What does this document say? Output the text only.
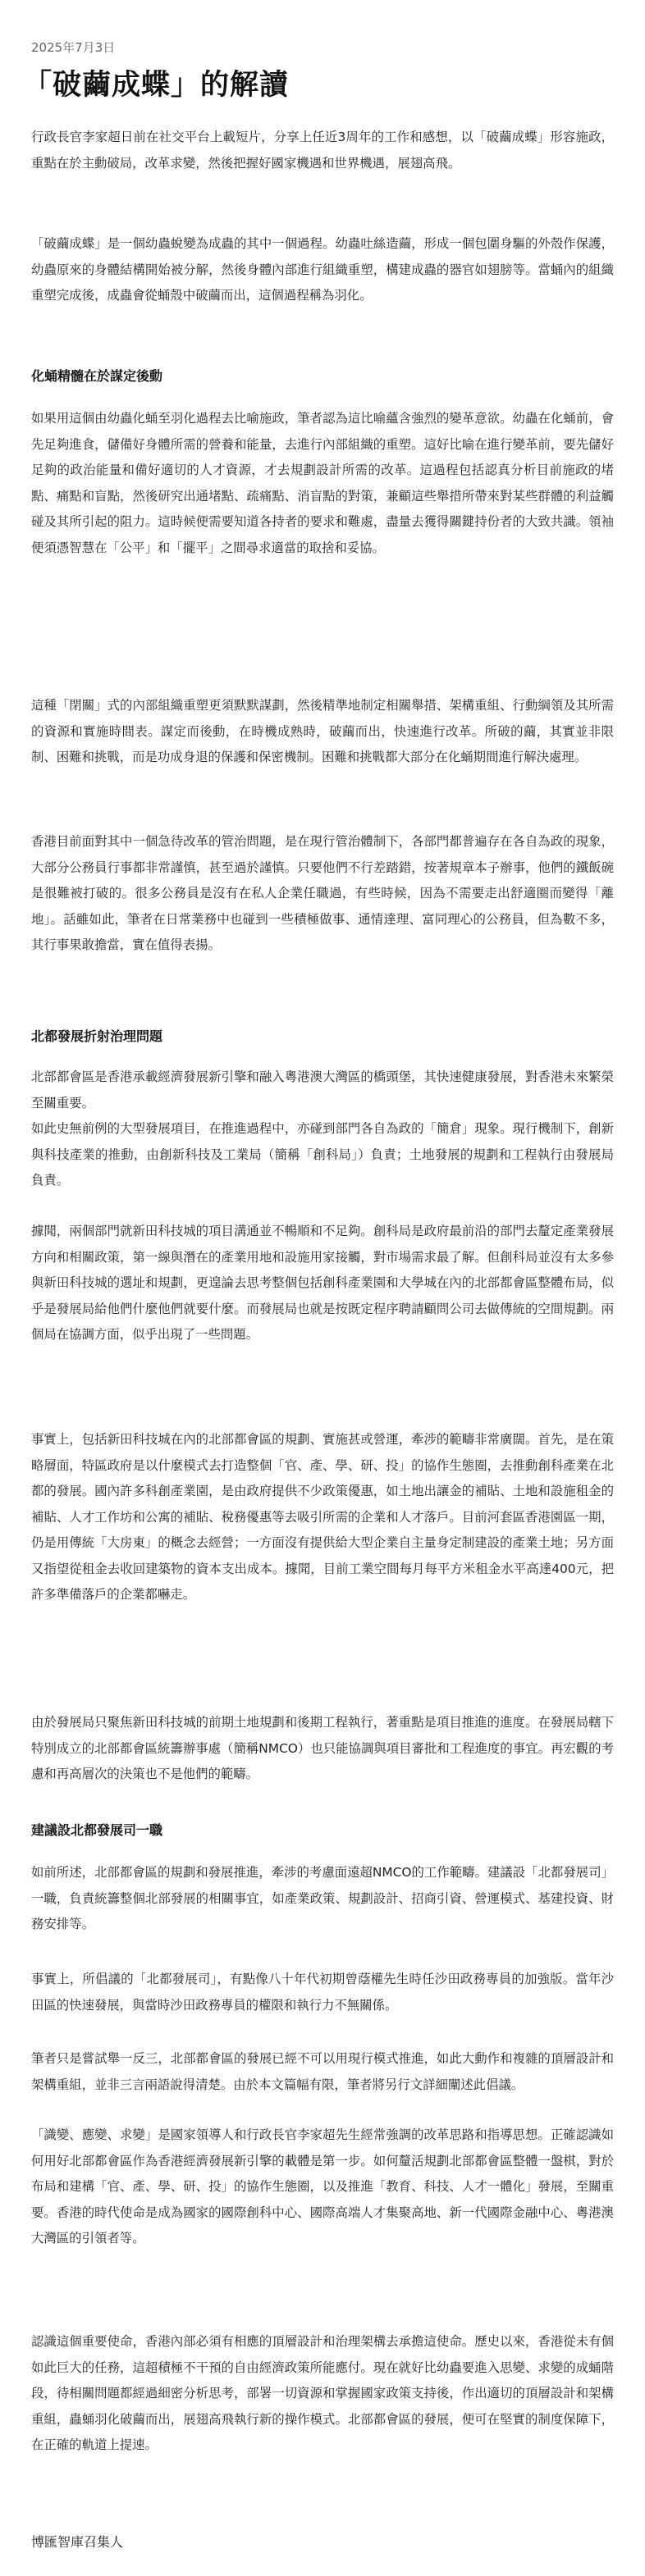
2025年7月3日
「破繭成蝶」的解讀

行政長官李家超日前在社交平台上載短片，分享上任近3周年的工作和感想，以「破繭成蝶」形容施政，重點在於主動破局，改革求變，然後把握好國家機遇和世界機遇，展翅高飛。

「破繭成蝶」是一個幼蟲蛻變為成蟲的其中一個過程。幼蟲吐絲造繭，形成一個包圍身驅的外殼作保護，幼蟲原來的身體結構開始被分解，然後身體內部進行組織重塑，構建成蟲的器官如翅膀等。當蛹內的組織重塑完成後，成蟲會從蛹殼中破繭而出，這個過程稱為羽化。

化蛹精髓在於謀定後動

如果用這個由幼蟲化蛹至羽化過程去比喻施政，筆者認為這比喻蘊含強烈的變革意欲。幼蟲在化蛹前，會先足夠進食，儲備好身體所需的營養和能量，去進行內部組織的重塑。這好比喻在進行變革前，要先儲好足夠的政治能量和備好適切的人才資源，才去規劃設計所需的改革。這過程包括認真分析目前施政的堵點、痛點和盲點，然後研究出通堵點、疏痛點、消盲點的對策，兼顧這些舉措所帶來對某些群體的利益觸碰及其所引起的阻力。這時候便需要知道各持者的要求和難處，盡量去獲得關鍵持份者的大致共識。領袖便須憑智慧在「公平」和「擺平」之間尋求適當的取捨和妥協。

這種「閉關」式的內部組織重塑更須默默謀劃，然後精準地制定相關舉措、架構重組、行動綱領及其所需的資源和實施時間表。謀定而後動，在時機成熟時，破繭而出，快速進行改革。所破的繭，其實並非限制、困難和挑戰，而是功成身退的保護和保密機制。困難和挑戰都大部分在化蛹期間進行解決處理。

香港目前面對其中一個急待改革的管治問題，是在現行管治體制下，各部門都普遍存在各自為政的現象，大部分公務員行事都非常謹慎，甚至過於謹慎。只要他們不行差踏錯，按著規章本子辦事，他們的鐵飯碗是很難被打破的。很多公務員是沒有在私人企業任職過，有些時候，因為不需要走出舒適圈而變得「離地」。話雖如此，筆者在日常業務中也碰到一些積極做事、通情達理、富同理心的公務員，但為數不多，其行事果敢擔當，實在值得表揚。

北都發展折射治理問題

北部都會區是香港承載經濟發展新引擎和融入粵港澳大灣區的橋頭堡，其快速健康發展，對香港未來繁榮至關重要。
如此史無前例的大型發展項目，在推進過程中，亦碰到部門各自為政的「簡倉」現象。現行機制下，創新與科技產業的推動，由創新科技及工業局（簡稱「創科局」）負責；土地發展的規劃和工程執行由發展局負責。

據聞，兩個部門就新田科技城的項目溝通並不暢順和不足夠。創科局是政府最前沿的部門去釐定產業發展方向和相關政策，第一線與潛在的產業用地和設施用家接觸，對市場需求最了解。但創科局並沒有太多參與新田科技城的選址和規劃，更遑論去思考整個包括創科產業園和大學城在內的北部都會區整體布局，似乎是發展局給他們什麼他們就要什麼。而發展局也就是按既定程序聘請顧問公司去做傳統的空間規劃。兩個局在協調方面，似乎出現了一些問題。

事實上，包括新田科技城在內的北部都會區的規劃、實施甚或營運，牽涉的範疇非常廣闊。首先，是在策略層面，特區政府是以什麼模式去打造整個「官、產、學、研、投」的協作生態圈，去推動創科產業在北都的發展。國內許多科創產業園，是由政府提供不少政策優惠，如土地出讓金的補貼、土地和設施租金的補貼、人才工作坊和公寓的補貼、稅務優惠等去吸引所需的企業和人才落戶。目前河套區香港園區一期，仍是用傳統「大房東」的概念去經營；一方面沒有提供給大型企業自主量身定制建設的產業土地；另方面又指望從租金去收回建築物的資本支出成本。據聞，目前工業空間每月每平方米租金水平高達400元，把許多準備落戶的企業都嚇走。

由於發展局只聚焦新田科技城的前期土地規劃和後期工程執行，著重點是項目推進的進度。在發展局轄下特別成立的北部都會區統籌辦事處（簡稱NMCO）也只能協調與項目審批和工程進度的事宜。再宏觀的考慮和再高層次的決策也不是他們的範疇。

建議設北都發展司一職

如前所述，北部都會區的規劃和發展推進，牽涉的考慮面遠超NMCO的工作範疇。建議設「北都發展司」一職，負責統籌整個北部發展的相關事宜，如產業政策、規劃設計、招商引資、營運模式、基建投資、財務安排等。

事實上，所倡議的「北都發展司」，有點像八十年代初期曾蔭權先生時任沙田政務專員的加強版。當年沙田區的快速發展，與當時沙田政務專員的權限和執行力不無關係。

筆者只是嘗試舉一反三，北部都會區的發展已經不可以用現行模式推進，如此大動作和複雜的頂層設計和架構重組，並非三言兩語說得清楚。由於本文篇幅有限，筆者將另行文詳細闡述此倡議。

「識變、應變、求變」是國家領導人和行政長官李家超先生經常強調的改革思路和指導思想。正確認識如何用好北部都會區作為香港經濟發展新引擎的載體是第一步。如何釐活規劃北部都會區整體一盤棋，對於布局和建構「官、產、學、研、投」的協作生態圈，以及推進「教育、科技、人才一體化」發展，至關重要。香港的時代使命是成為國家的國際創科中心、國際高端人才集聚高地、新一代國際金融中心、粵港澳大灣區的引領者等。

認識這個重要使命，香港內部必須有相應的頂層設計和治理架構去承擔這使命。歷史以來，香港從未有個如此巨大的任務，這超積極不干預的自由經濟政策所能應付。現在就好比幼蟲要進入思變、求變的成蛹階段，待相關問題都經過細密分析思考，部署一切資源和掌握國家政策支持後，作出適切的頂層設計和架構重組，蟲蛹羽化破繭而出，展翅高飛執行新的操作模式。北部都會區的發展，便可在堅實的制度保障下，在正確的軌道上提速。

博匯智庫召集人
